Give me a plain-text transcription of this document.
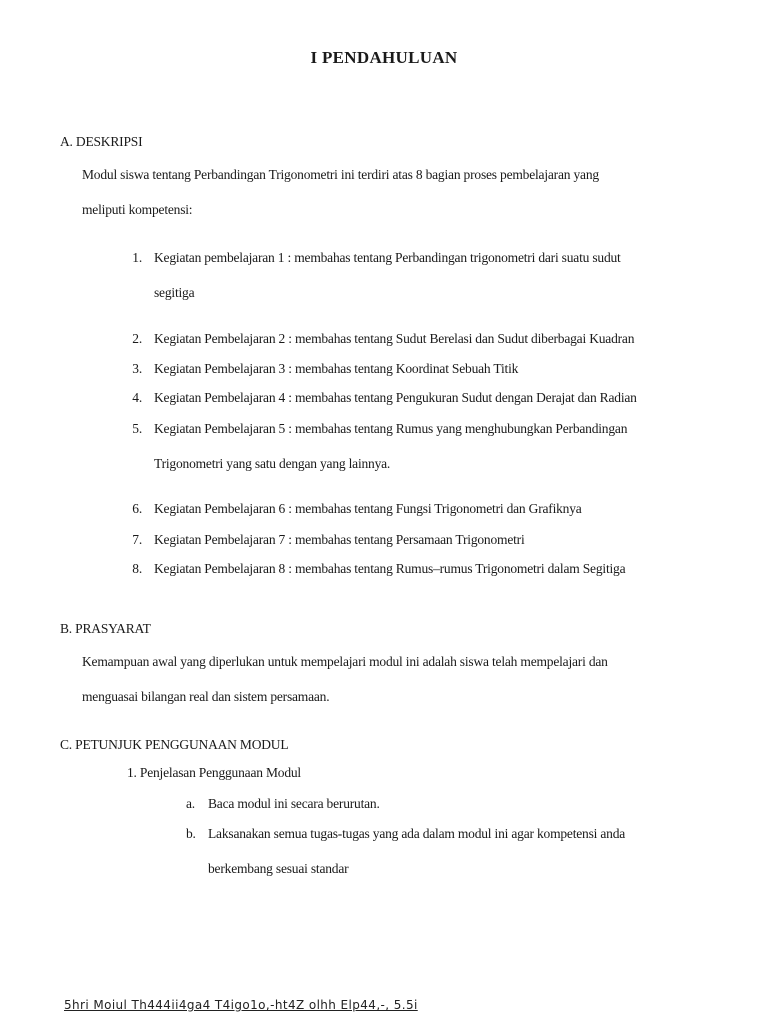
I PENDAHULUAN
A. DESKRIPSI
Modul siswa tentang Perbandingan Trigonometri ini terdiri atas 8 bagian proses pembelajaran yang
meliputi kompetensi:
1. Kegiatan pembelajaran 1 : membahas tentang Perbandingan trigonometri dari suatu sudut
segitiga
2. Kegiatan Pembelajaran 2 : membahas tentang Sudut Berelasi dan Sudut diberbagai Kuadran
3. Kegiatan Pembelajaran 3 : membahas tentang Koordinat Sebuah Titik
4. Kegiatan Pembelajaran 4 : membahas tentang Pengukuran Sudut dengan Derajat dan Radian
5. Kegiatan Pembelajaran 5 : membahas tentang Rumus yang menghubungkan Perbandingan
Trigonometri yang satu dengan yang lainnya.
6. Kegiatan Pembelajaran 6 : membahas tentang Fungsi Trigonometri dan Grafiknya
7. Kegiatan Pembelajaran 7 : membahas tentang Persamaan Trigonometri
8. Kegiatan Pembelajaran 8 : membahas tentang Rumus–rumus Trigonometri dalam Segitiga
B. PRASYARAT
Kemampuan awal yang diperlukan untuk mempelajari modul ini adalah siswa telah mempelajari dan
menguasai bilangan real dan sistem persamaan.
C. PETUNJUK PENGGUNAAN MODUL
1. Penjelasan Penggunaan Modul
a. Baca modul ini secara berurutan.
b. Laksanakan semua tugas-tugas yang ada dalam modul ini agar kompetensi anda
berkembang sesuai standar
5hri Moiul Th444ii4ga4 T4igo1o,-ht4Z olhh Elp44,-, 5.5i
